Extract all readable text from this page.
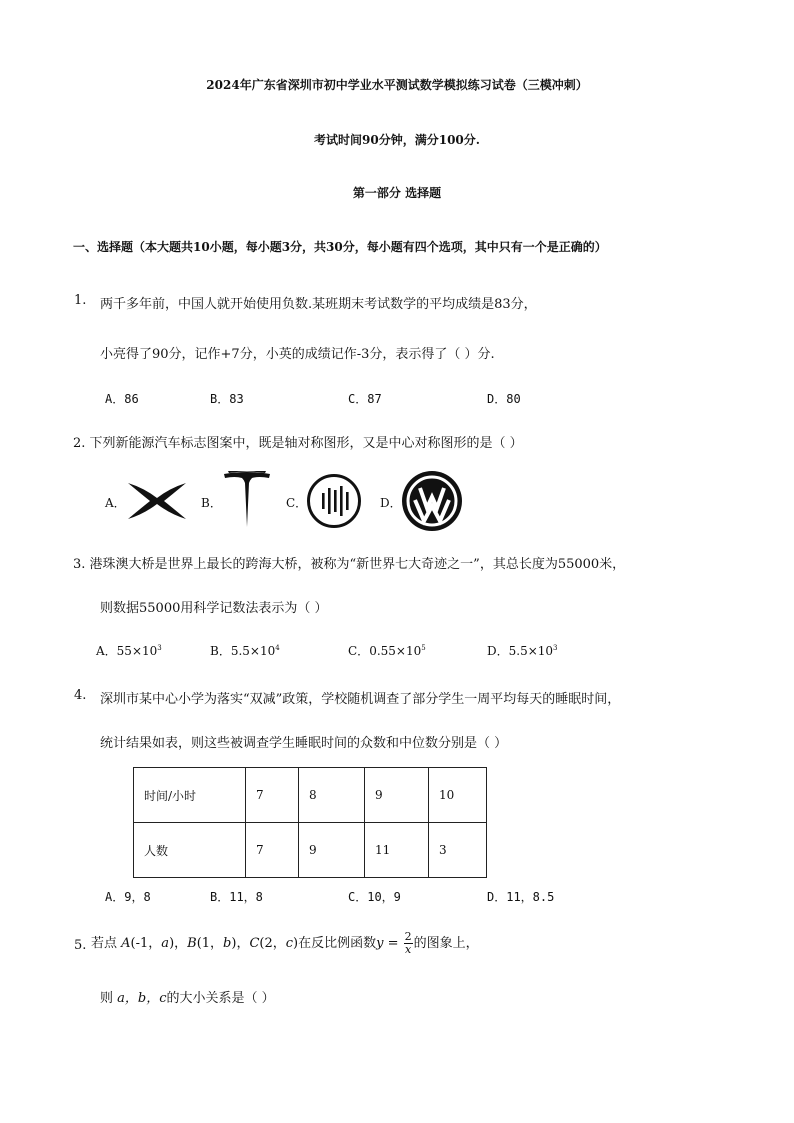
2024年广东省深圳市初中学业水平测试数学模拟练习试卷（三模冲刺）
考试时间90分钟，满分100分.
第一部分 选择题
一、选择题（本大题共10小题，每小题3分，共30分，每小题有四个选项，其中只有一个是正确的）
1. 两千多年前，中国人就开始使用负数.某班期末考试数学的平均成绩是83分，
小亮得了90分，记作+7分，小英的成绩记作-3分，表示得了（ ）分.
A．86	B．83	C．87	D．80
2. 下列新能源汽车标志图案中，既是轴对称图形，又是中心对称图形的是（ ）
A．	B．	C．	D．
3. 港珠澳大桥是世界上最长的跨海大桥，被称为“新世界七大奇迹之一”，其总长度为55000米，
则数据55000用科学记数法表示为（ ）
A．$55\times 10^3$	B．$5.5\times 10^4$	C．$0.55\times 10^5$	D．$5.5\times 10^3$
4. 深圳市某中心小学为落实“双减”政策，学校随机调查了部分学生一周平均每天的睡眠时间，
统计结果如表，则这些被调查学生睡眠时间的众数和中位数分别是（ ）
时间/小时	7	8	9	10
人数	7	9	11	3
A．9，8	B．11，8	C．10，9	D．11，8.5
5. 若点 A(-1，a)，B(1，b)，C(2，c)在反比例函数$y = \frac{2}{x}$ 的图象上，
则 a，b，c的大小关系是（ ）
